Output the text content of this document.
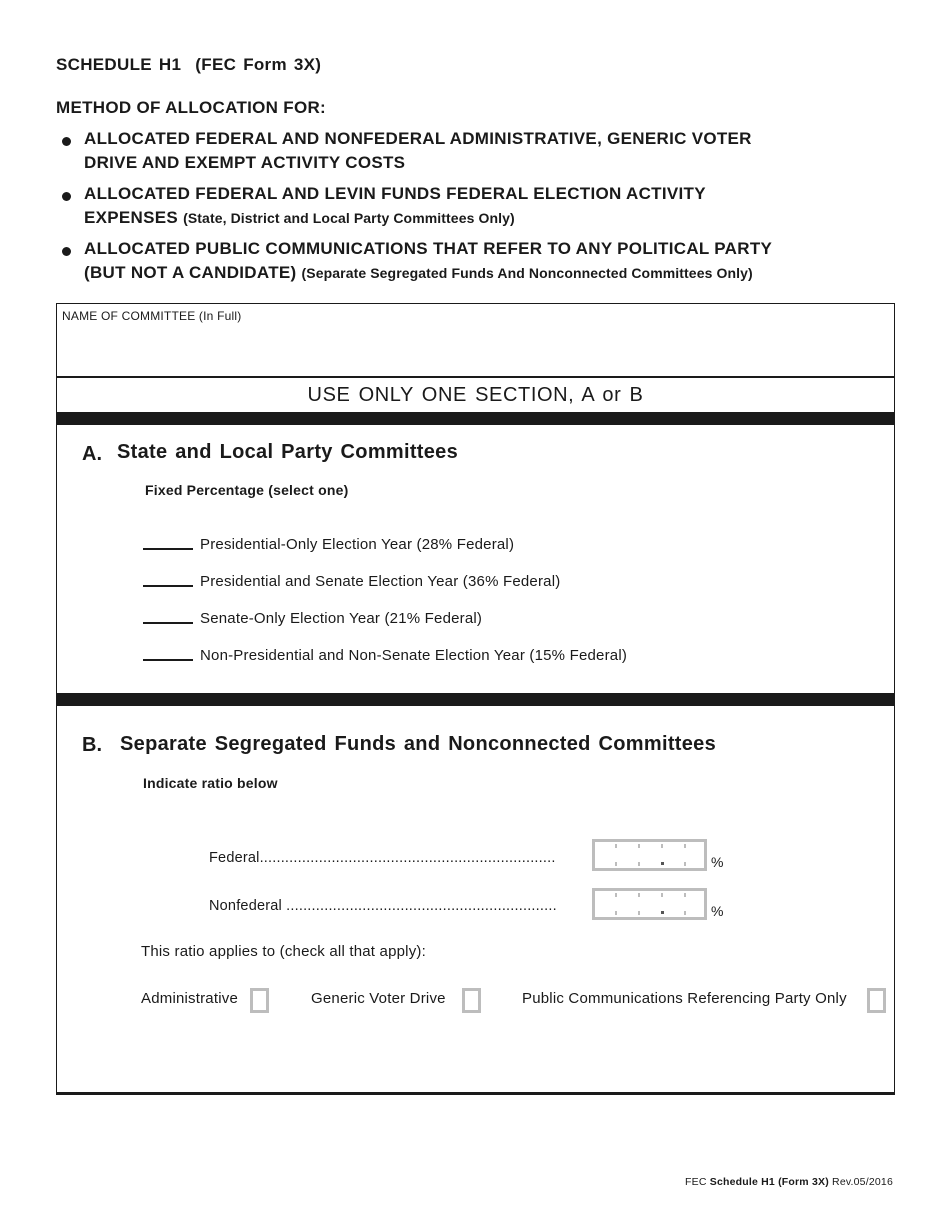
SCHEDULE H1  (FEC Form 3X)
METHOD OF ALLOCATION FOR:
ALLOCATED FEDERAL AND NONFEDERAL ADMINISTRATIVE, GENERIC VOTER
DRIVE AND EXEMPT ACTIVITY COSTS
ALLOCATED FEDERAL AND LEVIN FUNDS FEDERAL ELECTION ACTIVITY
EXPENSES (State, District and Local Party Committees Only)
ALLOCATED PUBLIC COMMUNICATIONS THAT REFER TO ANY POLITICAL PARTY
(BUT NOT A CANDIDATE) (Separate Segregated Funds And Nonconnected Committees Only)
NAME OF COMMITTEE (In Full)
USE ONLY ONE SECTION, A or B
A. State and Local Party Committees
Fixed Percentage (select one)
Presidential-Only Election Year (28% Federal)
Presidential and Senate Election Year (36% Federal)
Senate-Only Election Year (21% Federal)
Non-Presidential and Non-Senate Election Year (15% Federal)
B. Separate Segregated Funds and Nonconnected Committees
Indicate ratio below
Federal......................................................................	%
Nonfederal ................................................................	%
This ratio applies to (check all that apply):
Administrative	Generic Voter Drive	Public Communications Referencing Party Only
FEC Schedule H1 (Form 3X) Rev.05/2016
